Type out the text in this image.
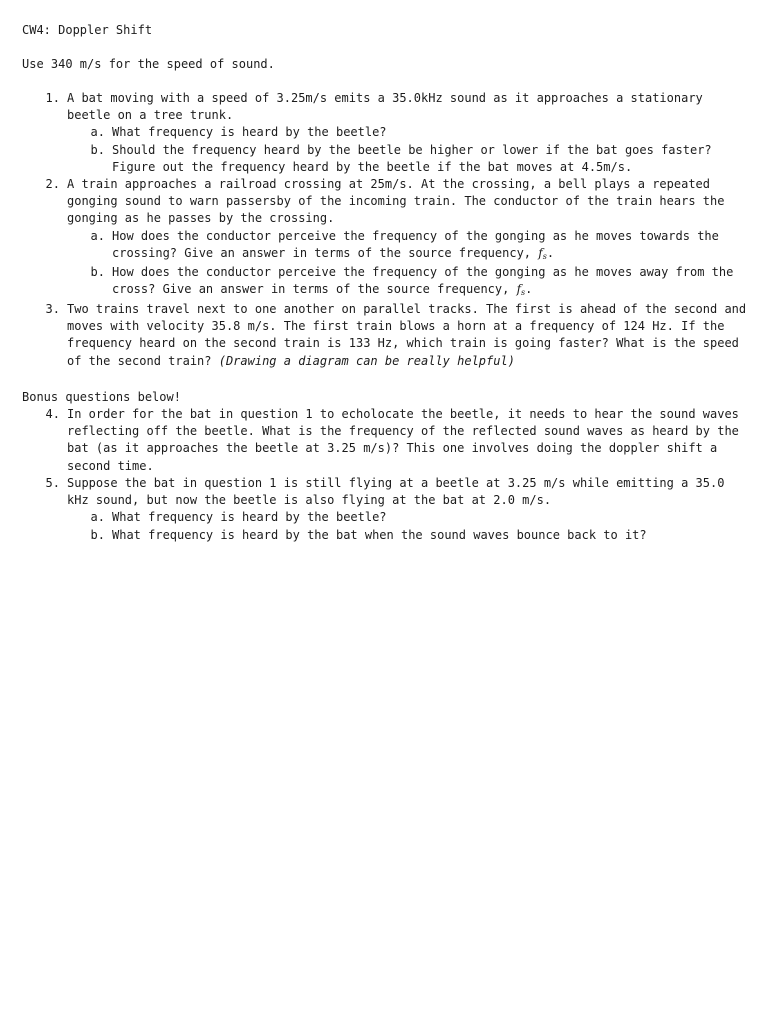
CW4: Doppler Shift
Use 340 m/s for the speed of sound.
1. A bat moving with a speed of 3.25m/s emits a 35.0kHz sound as it approaches a stationary beetle on a tree trunk.
a. What frequency is heard by the beetle?
b. Should the frequency heard by the beetle be higher or lower if the bat goes faster? Figure out the frequency heard by the beetle if the bat moves at 4.5m/s.
2. A train approaches a railroad crossing at 25m/s. At the crossing, a bell plays a repeated gonging sound to warn passersby of the incoming train. The conductor of the train hears the gonging as he passes by the crossing.
a. How does the conductor perceive the frequency of the gonging as he moves towards the crossing? Give an answer in terms of the source frequency, $f_s$.
b. How does the conductor perceive the frequency of the gonging as he moves away from the cross? Give an answer in terms of the source frequency, $f_s$.
3. Two trains travel next to one another on parallel tracks. The first is ahead of the second and moves with velocity 35.8 m/s. The first train blows a horn at a frequency of 124 Hz. If the frequency heard on the second train is 133 Hz, which train is going faster? What is the speed of the second train? (Drawing a diagram can be really helpful)
Bonus questions below!
4. In order for the bat in question 1 to echolocate the beetle, it needs to hear the sound waves reflecting off the beetle. What is the frequency of the reflected sound waves as heard by the bat (as it approaches the beetle at 3.25 m/s)? This one involves doing the doppler shift a second time.
5. Suppose the bat in question 1 is still flying at a beetle at 3.25 m/s while emitting a 35.0 kHz sound, but now the beetle is also flying at the bat at 2.0 m/s.
a. What frequency is heard by the beetle?
b. What frequency is heard by the bat when the sound waves bounce back to it?
